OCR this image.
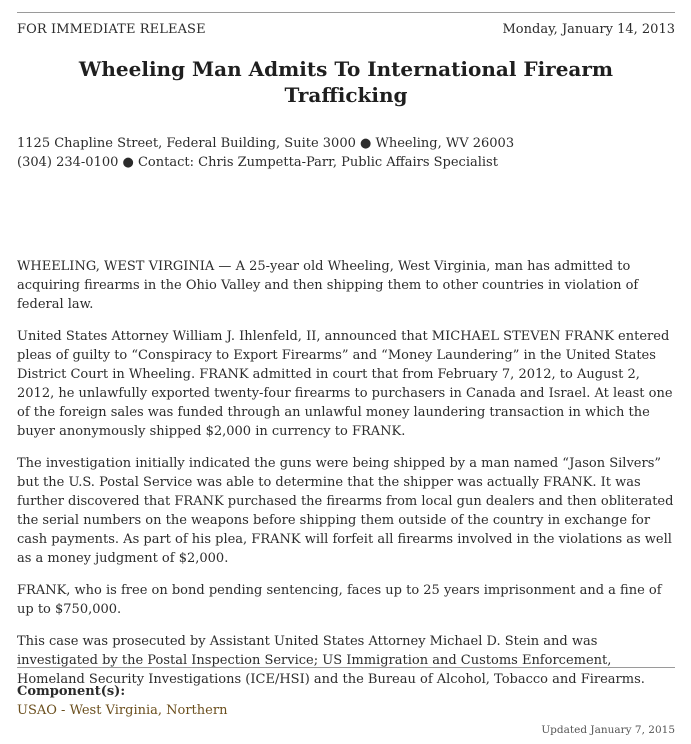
FOR IMMEDIATE RELEASE	Monday, January 14, 2013
Wheeling Man Admits To International Firearm Trafficking
1125 Chapline Street, Federal Building, Suite 3000 ● Wheeling, WV 26003
(304) 234-0100 ● Contact: Chris Zumpetta-Parr, Public Affairs Specialist

WHEELING, WEST VIRGINIA — A 25-year old Wheeling, West Virginia, man has admitted to acquiring firearms in the Ohio Valley and then shipping them to other countries in violation of federal law.

United States Attorney William J. Ihlenfeld, II, announced that MICHAEL STEVEN FRANK entered pleas of guilty to “Conspiracy to Export Firearms” and “Money Laundering” in the United States District Court in Wheeling. FRANK admitted in court that from February 7, 2012, to August 2, 2012, he unlawfully exported twenty-four firearms to purchasers in Canada and Israel. At least one of the foreign sales was funded through an unlawful money laundering transaction in which the buyer anonymously shipped $2,000 in currency to FRANK.

The investigation initially indicated the guns were being shipped by a man named “Jason Silvers” but the U.S. Postal Service was able to determine that the shipper was actually FRANK. It was further discovered that FRANK purchased the firearms from local gun dealers and then obliterated the serial numbers on the weapons before shipping them outside of the country in exchange for cash payments. As part of his plea, FRANK will forfeit all firearms involved in the violations as well as a money judgment of $2,000.

FRANK, who is free on bond pending sentencing, faces up to 25 years imprisonment and a fine of up to $750,000.

This case was prosecuted by Assistant United States Attorney Michael D. Stein and was investigated by the Postal Inspection Service; US Immigration and Customs Enforcement, Homeland Security Investigations (ICE/HSI) and the Bureau of Alcohol, Tobacco and Firearms.

Component(s):
USAO - West Virginia, Northern
Updated January 7, 2015
